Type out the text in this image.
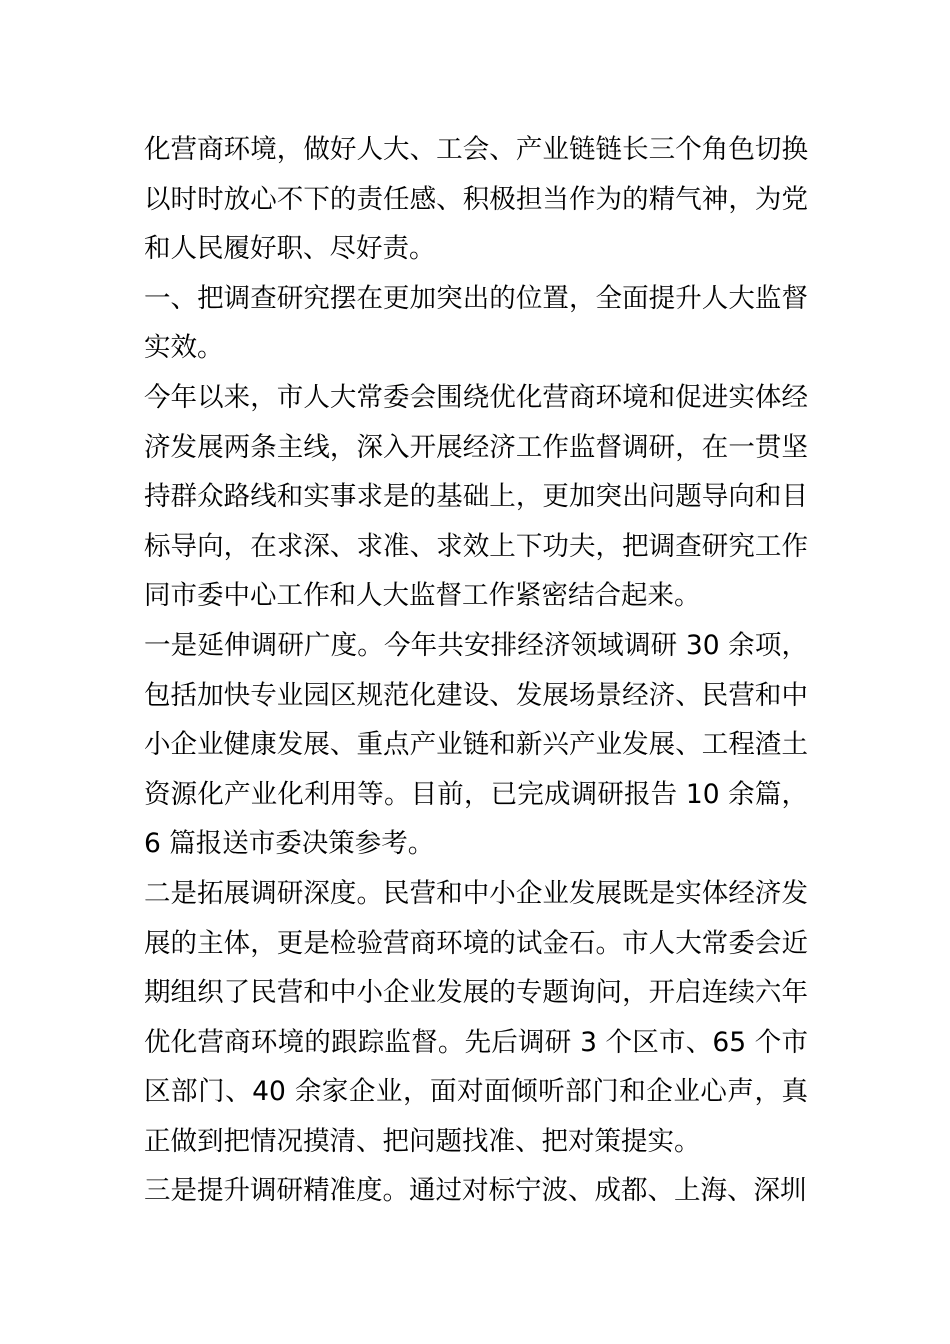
化营商环境，做好人大、工会、产业链链长三个角色切换以时时放心不下的责任感、积极担当作为的精气神，为党和人民履好职、尽好责。

一、把调查研究摆在更加突出的位置，全面提升人大监督实效。

今年以来，市人大常委会围绕优化营商环境和促进实体经济发展两条主线，深入开展经济工作监督调研，在一贯坚持群众路线和实事求是的基础上，更加突出问题导向和目标导向，在求深、求准、求效上下功夫，把调查研究工作同市委中心工作和人大监督工作紧密结合起来。

一是延伸调研广度。今年共安排经济领域调研 30 余项，包括加快专业园区规范化建设、发展场景经济、民营和中小企业健康发展、重点产业链和新兴产业发展、工程渣土资源化产业化利用等。目前，已完成调研报告 10 余篇，6 篇报送市委决策参考。

二是拓展调研深度。民营和中小企业发展既是实体经济发展的主体，更是检验营商环境的试金石。市人大常委会近期组织了民营和中小企业发展的专题询问，开启连续六年优化营商环境的跟踪监督。先后调研 3 个区市、65 个市区部门、40 余家企业，面对面倾听部门和企业心声，真正做到把情况摸清、把问题找准、把对策提实。

三是提升调研精准度。通过对标宁波、成都、上海、深圳
